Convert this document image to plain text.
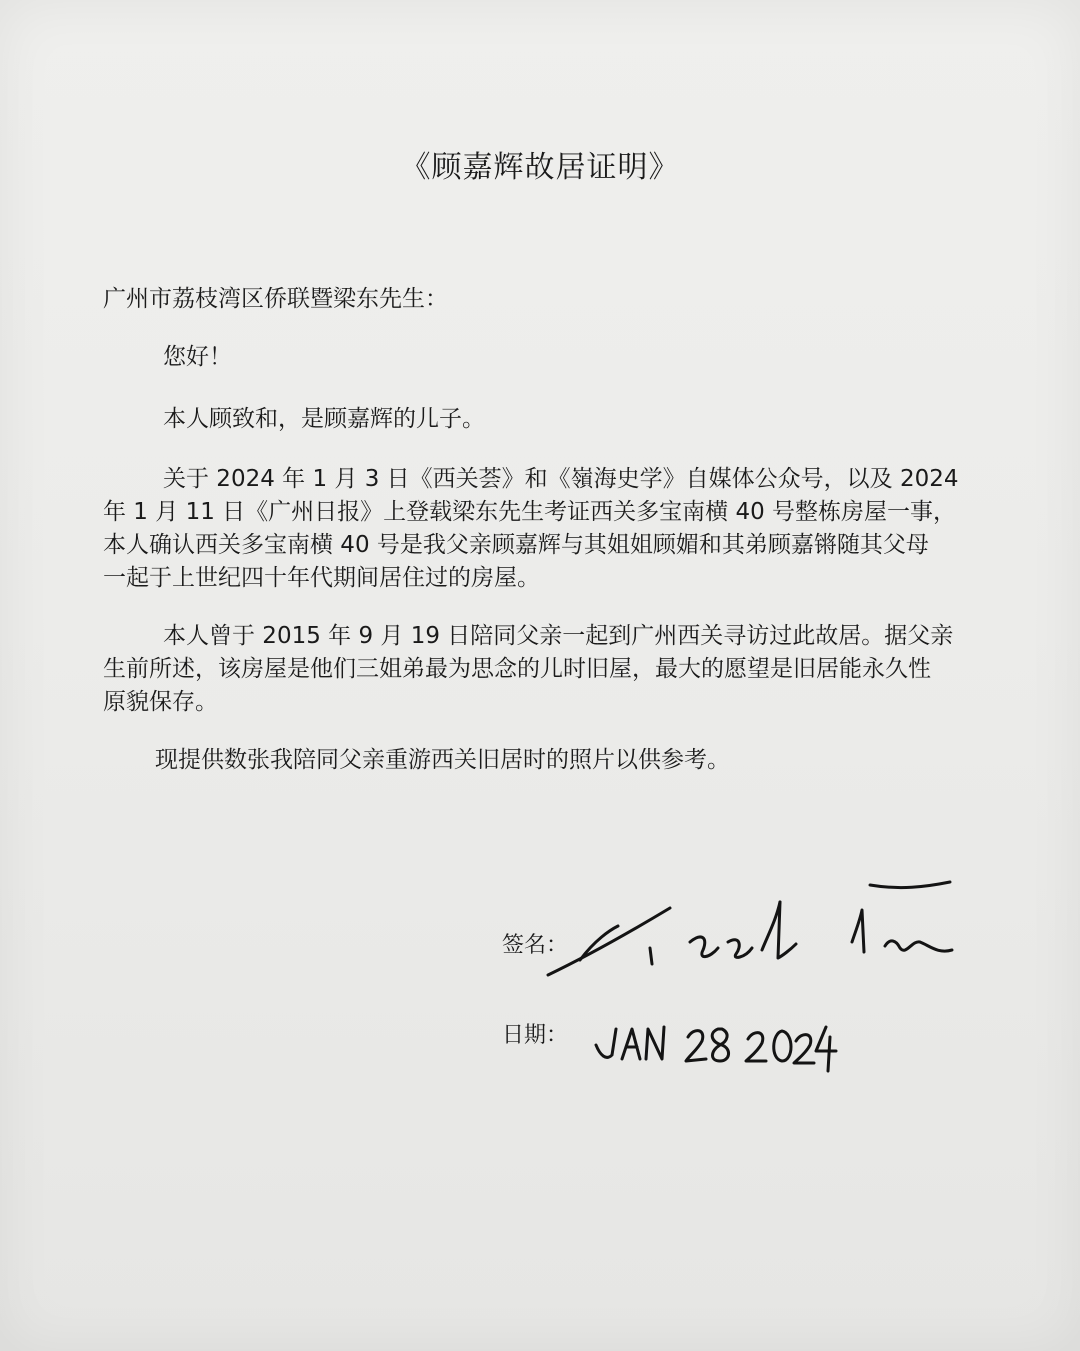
《顾嘉辉故居证明》
广州市荔枝湾区侨联暨梁东先生：
您好！
本人顾致和，是顾嘉辉的儿子。
关于 2024 年 1 月 3 日《西关荟》和《嶺海史学》自媒体公众号，以及 2024
年 1 月 11 日《广州日报》上登载梁东先生考证西关多宝南横 40 号整栋房屋一事，
本人确认西关多宝南横 40 号是我父亲顾嘉辉与其姐姐顾媚和其弟顾嘉锵随其父母
一起于上世纪四十年代期间居住过的房屋。
本人曾于 2015 年 9 月 19 日陪同父亲一起到广州西关寻访过此故居。据父亲
生前所述，该房屋是他们三姐弟最为思念的儿时旧屋，最大的愿望是旧居能永久性
原貌保存。
现提供数张我陪同父亲重游西关旧居时的照片以供参考。
签名：
日期：
